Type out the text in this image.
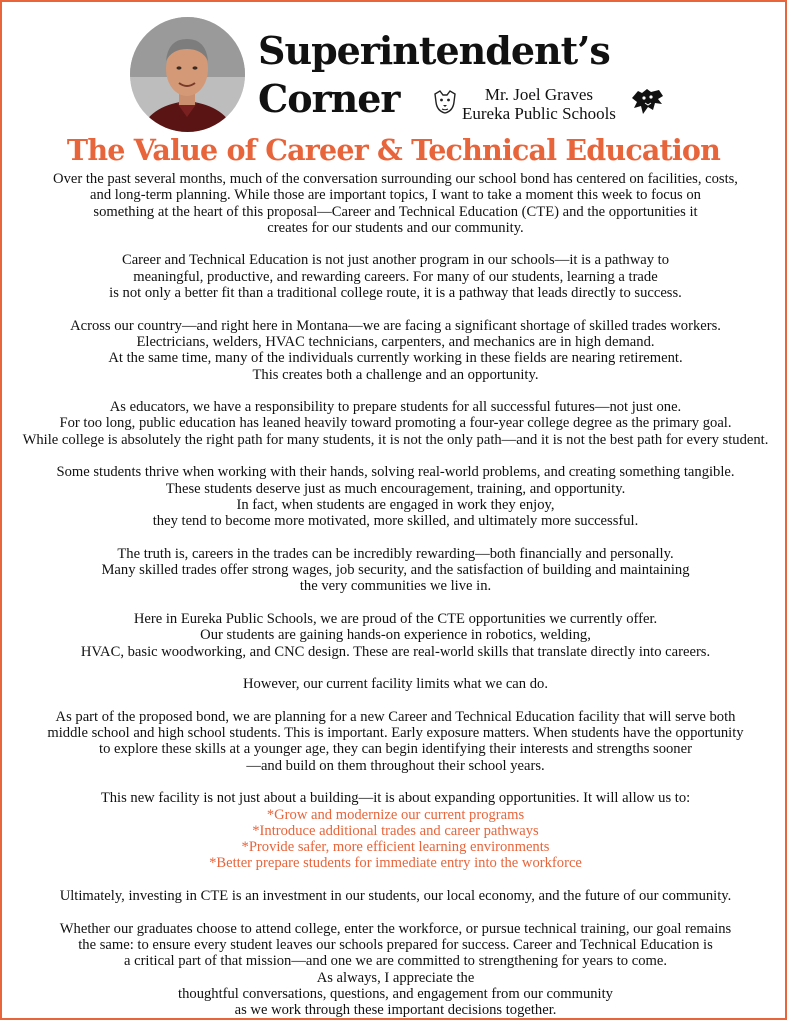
Superintendent’s
Corner	Mr. Joel Graves
Eureka Public Schools
The Value of Career & Technical Education
Over the past several months, much of the conversation surrounding our school bond has centered on facilities, costs,
and long-term planning. While those are important topics, I want to take a moment this week to focus on
something at the heart of this proposal—Career and Technical Education (CTE) and the opportunities it
creates for our students and our community.
Career and Technical Education is not just another program in our schools—it is a pathway to
meaningful, productive, and rewarding careers. For many of our students, learning a trade
is not only a better fit than a traditional college route, it is a pathway that leads directly to success.
Across our country—and right here in Montana—we are facing a significant shortage of skilled trades workers.
Electricians, welders, HVAC technicians, carpenters, and mechanics are in high demand.
At the same time, many of the individuals currently working in these fields are nearing retirement.
This creates both a challenge and an opportunity.
As educators, we have a responsibility to prepare students for all successful futures—not just one.
For too long, public education has leaned heavily toward promoting a four-year college degree as the primary goal.
While college is absolutely the right path for many students, it is not the only path—and it is not the best path for every student.
Some students thrive when working with their hands, solving real-world problems, and creating something tangible.
These students deserve just as much encouragement, training, and opportunity.
In fact, when students are engaged in work they enjoy,
they tend to become more motivated, more skilled, and ultimately more successful.
The truth is, careers in the trades can be incredibly rewarding—both financially and personally.
Many skilled trades offer strong wages, job security, and the satisfaction of building and maintaining
the very communities we live in.
Here in Eureka Public Schools, we are proud of the CTE opportunities we currently offer.
Our students are gaining hands-on experience in robotics, welding,
HVAC, basic woodworking, and CNC design. These are real-world skills that translate directly into careers.
However, our current facility limits what we can do.
As part of the proposed bond, we are planning for a new Career and Technical Education facility that will serve both
middle school and high school students. This is important. Early exposure matters. When students have the opportunity
to explore these skills at a younger age, they can begin identifying their interests and strengths sooner
—and build on them throughout their school years.
This new facility is not just about a building—it is about expanding opportunities. It will allow us to:
*Grow and modernize our current programs
*Introduce additional trades and career pathways
*Provide safer, more efficient learning environments
*Better prepare students for immediate entry into the workforce
Ultimately, investing in CTE is an investment in our students, our local economy, and the future of our community.
Whether our graduates choose to attend college, enter the workforce, or pursue technical training, our goal remains
the same: to ensure every student leaves our schools prepared for success. Career and Technical Education is
a critical part of that mission—and one we are committed to strengthening for years to come.
As always, I appreciate the
thoughtful conversations, questions, and engagement from our community
as we work through these important decisions together.
